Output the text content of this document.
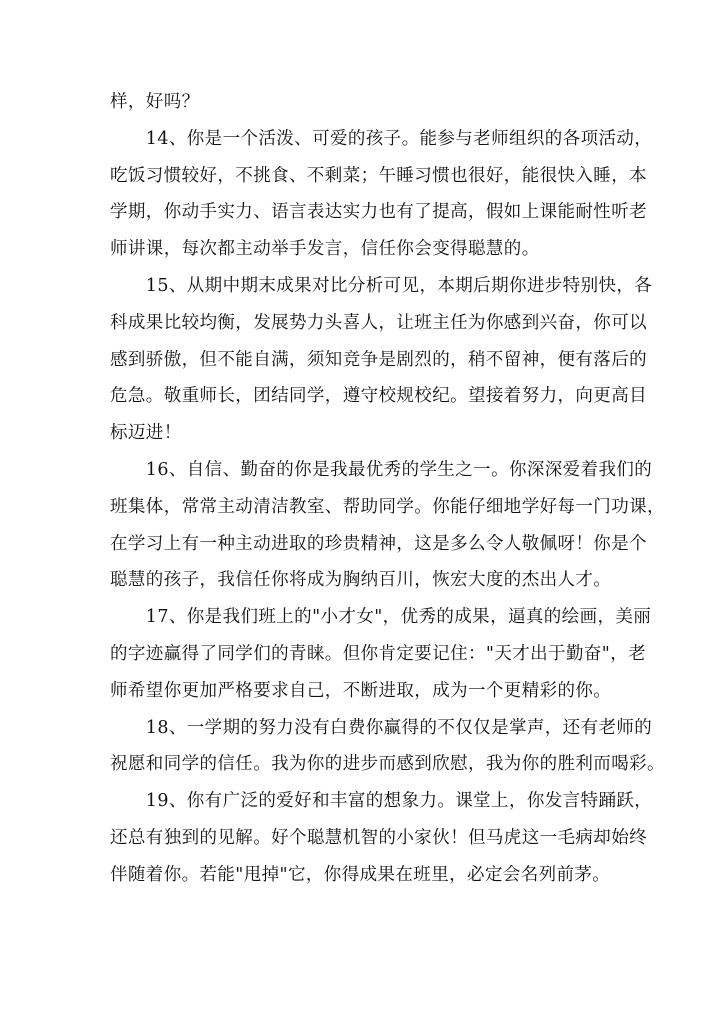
样，好吗？
　　14、你是一个活泼、可爱的孩子。能参与老师组织的各项活动，
吃饭习惯较好，不挑食、不剩菜；午睡习惯也很好，能很快入睡，本
学期，你动手实力、语言表达实力也有了提高，假如上课能耐性听老
师讲课，每次都主动举手发言，信任你会变得聪慧的。
　　15、从期中期末成果对比分析可见，本期后期你进步特别快，各
科成果比较均衡，发展势力头喜人，让班主任为你感到兴奋，你可以
感到骄傲，但不能自满，须知竞争是剧烈的，稍不留神，便有落后的
危急。敬重师长，团结同学，遵守校规校纪。望接着努力，向更高目
标迈进！
　　16、自信、勤奋的你是我最优秀的学生之一。你深深爱着我们的
班集体，常常主动清洁教室、帮助同学。你能仔细地学好每一门功课，
在学习上有一种主动进取的珍贵精神，这是多么令人敬佩呀！你是个
聪慧的孩子，我信任你将成为胸纳百川，恢宏大度的杰出人才。
　　17、你是我们班上的"小才女"，优秀的成果，逼真的绘画，美丽
的字迹赢得了同学们的青睐。但你肯定要记住："天才出于勤奋"，老
师希望你更加严格要求自己，不断进取，成为一个更精彩的你。
　　18、一学期的努力没有白费你赢得的不仅仅是掌声，还有老师的
祝愿和同学的信任。我为你的进步而感到欣慰，我为你的胜利而喝彩。
　　19、你有广泛的爱好和丰富的想象力。课堂上，你发言特踊跃，
还总有独到的见解。好个聪慧机智的小家伙！但马虎这一毛病却始终
伴随着你。若能"甩掉"它，你得成果在班里，必定会名列前茅。
